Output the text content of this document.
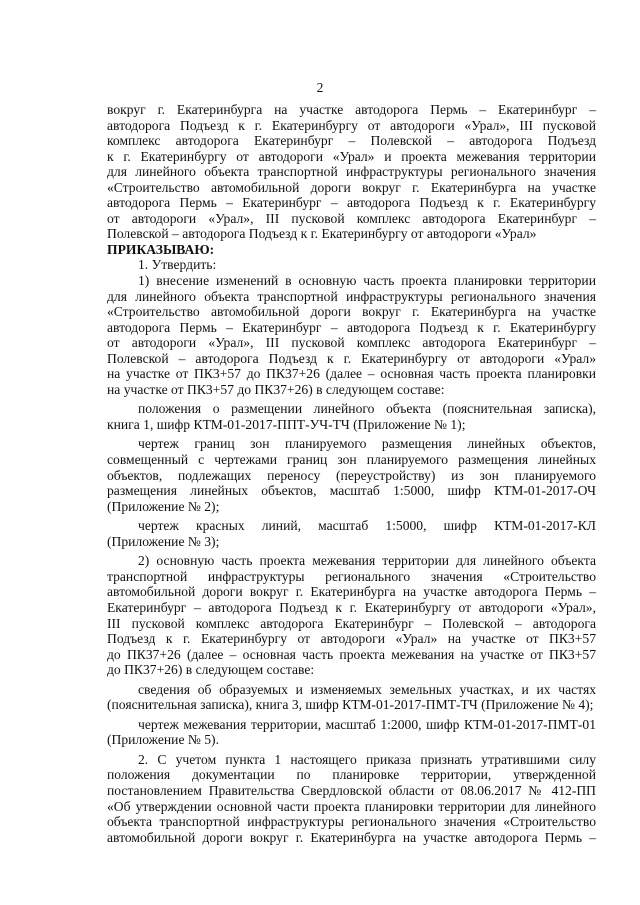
2

вокруг г. Екатеринбурга на участке автодорога Пермь – Екатеринбург –

автодорога Подъезд к г. Екатеринбургу от автодороги «Урал», III пусковой

комплекс автодорога Екатеринбург – Полевской – автодорога Подъезд

к г. Екатеринбургу от автодороги «Урал» и проекта межевания территории

для линейного объекта транспортной инфраструктуры регионального значения

«Строительство автомобильной дороги вокруг г. Екатеринбурга на участке

автодорога Пермь – Екатеринбург – автодорога Подъезд к г. Екатеринбургу

от автодороги «Урал», III пусковой комплекс автодорога Екатеринбург –

Полевской – автодорога Подъезд к г. Екатеринбургу от автодороги «Урал»

ПРИКАЗЫВАЮ:

1. Утвердить:

1) внесение изменений в основную часть проекта планировки территории

для линейного объекта транспортной инфраструктуры регионального значения

«Строительство автомобильной дороги вокруг г. Екатеринбурга на участке

автодорога Пермь – Екатеринбург – автодорога Подъезд к г. Екатеринбургу

от автодороги «Урал», III пусковой комплекс автодорога Екатеринбург –

Полевской – автодорога Подъезд к г. Екатеринбургу от автодороги «Урал»

на участке от ПК3+57 до ПК37+26 (далее – основная часть проекта планировки

на участке от ПК3+57 до ПК37+26) в следующем составе:

положения о размещении линейного объекта (пояснительная записка),

книга 1, шифр КТМ-01-2017-ППТ-УЧ-ТЧ (Приложение № 1);

чертеж границ зон планируемого размещения линейных объектов,

совмещенный с чертежами границ зон планируемого размещения линейных

объектов, подлежащих переносу (переустройству) из зон планируемого

размещения линейных объектов, масштаб 1:5000, шифр КТМ-01-2017-ОЧ

(Приложение № 2);

чертеж красных линий, масштаб 1:5000, шифр КТМ-01-2017-КЛ

(Приложение № 3);

2) основную часть проекта межевания территории для линейного объекта

транспортной инфраструктуры регионального значения «Строительство

автомобильной дороги вокруг г. Екатеринбурга на участке автодорога Пермь –

Екатеринбург – автодорога Подъезд к г. Екатеринбургу от автодороги «Урал»,

III пусковой комплекс автодорога Екатеринбург – Полевской – автодорога

Подъезд к г. Екатеринбургу от автодороги «Урал» на участке от ПК3+57

до ПК37+26 (далее – основная часть проекта межевания на участке от ПК3+57

до ПК37+26) в следующем составе:

сведения об образуемых и изменяемых земельных участках, и их частях

(пояснительная записка), книга 3, шифр КТМ-01-2017-ПМТ-ТЧ (Приложение № 4);

чертеж межевания территории, масштаб 1:2000, шифр КТМ-01-2017-ПМТ-01

(Приложение № 5).

2. С учетом пункта 1 настоящего приказа признать утратившими силу

положения документации по планировке территории, утвержденной

постановлением Правительства Свердловской области от 08.06.2017 № 412-ПП

«Об утверждении основной части проекта планировки территории для линейного

объекта транспортной инфраструктуры регионального значения «Строительство

автомобильной дороги вокруг г. Екатеринбурга на участке автодорога Пермь –
